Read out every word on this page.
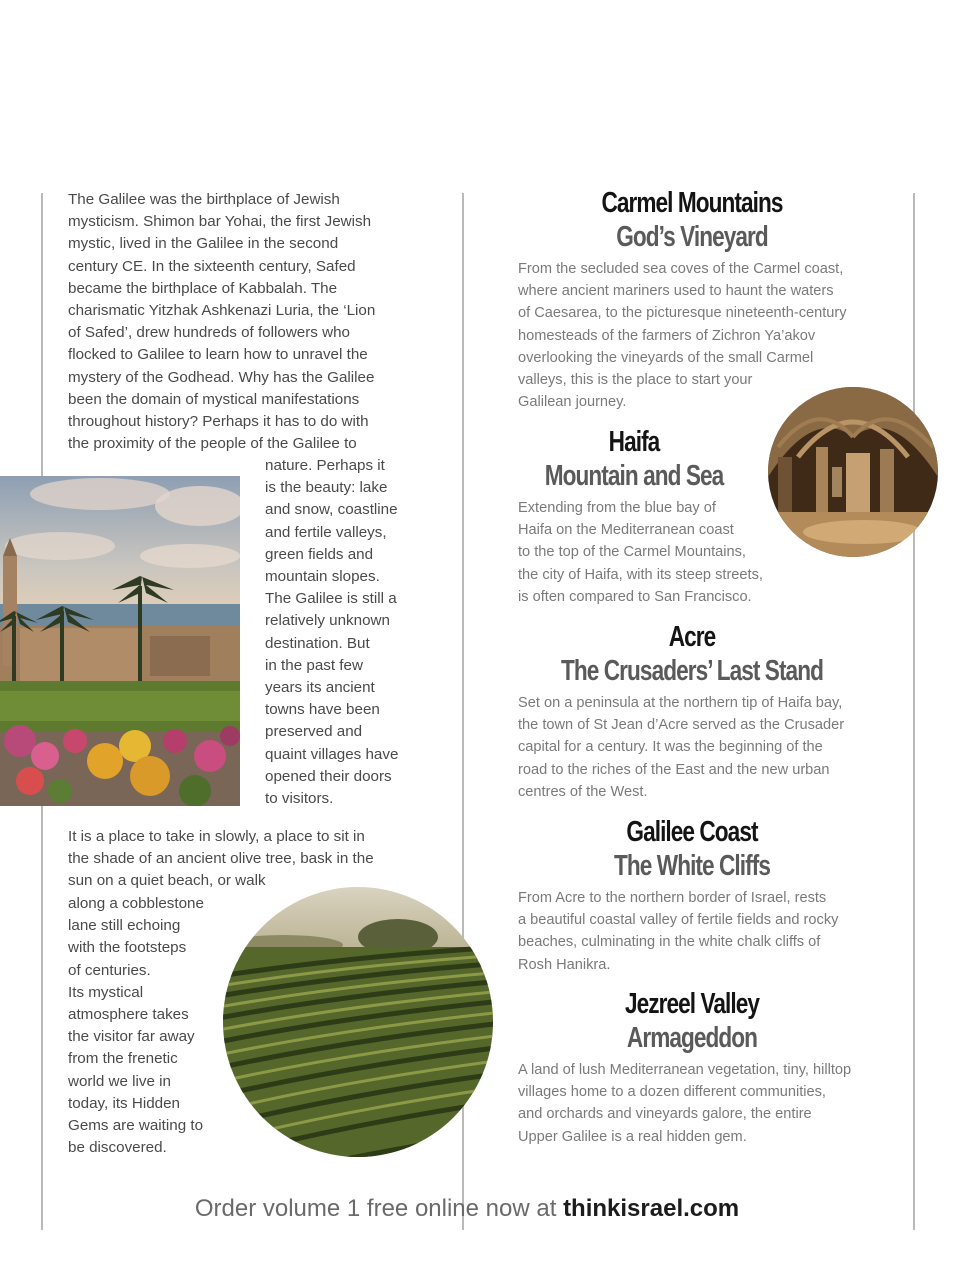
The Galilee was the birthplace of Jewish
mysticism. Shimon bar Yohai, the first Jewish
mystic, lived in the Galilee in the second
century CE. In the sixteenth century, Safed
became the birthplace of Kabbalah. The
charismatic Yitzhak Ashkenazi Luria, the ‘Lion
of Safed’, drew hundreds of followers who
flocked to Galilee to learn how to unravel the
mystery of the Godhead. Why has the Galilee
been the domain of mystical manifestations
throughout history? Perhaps it has to do with
the proximity of the people of the Galilee to

nature. Perhaps it
is the beauty: lake
and snow, coastline
and fertile valleys,
green fields and
mountain slopes.
The Galilee is still a
relatively unknown
destination. But
in the past few
years its ancient
towns have been
preserved and
quaint villages have
opened their doors
to visitors.

It is a place to take in slowly, a place to sit in
the shade of an ancient olive tree, bask in the
sun on a quiet beach, or walk

along a cobblestone
lane still echoing
with the footsteps
of centuries.
Its mystical
atmosphere takes
the visitor far away
from the frenetic
world we live in
today, its Hidden
Gems are waiting to
be discovered.

Carmel Mountains
God’s Vineyard

From the secluded sea coves of the Carmel coast,
where ancient mariners used to haunt the waters
of Caesarea, to the picturesque nineteenth-century
homesteads of the farmers of Zichron Ya’akov
overlooking the vineyards of the small Carmel
valleys, this is the place to start your
Galilean journey.

Haifa
Mountain and Sea

Extending from the blue bay of
Haifa on the Mediterranean coast
to the top of the Carmel Mountains,
the city of Haifa, with its steep streets,
is often compared to San Francisco.

Acre
The Crusaders’ Last Stand

Set on a peninsula at the northern tip of Haifa bay,
the town of St Jean d’Acre served as the Crusader
capital for a century. It was the beginning of the
road to the riches of the East and the new urban
centres of the West.

Galilee Coast
The White Cliffs

From Acre to the northern border of Israel, rests
a beautiful coastal valley of fertile fields and rocky
beaches, culminating in the white chalk cliffs of
Rosh Hanikra.

Jezreel Valley
Armageddon

A land of lush Mediterranean vegetation, tiny, hilltop
villages home to a dozen different communities,
and orchards and vineyards galore, the entire
Upper Galilee is a real hidden gem.

Order volume 1 free online now at thinkisrael.com
